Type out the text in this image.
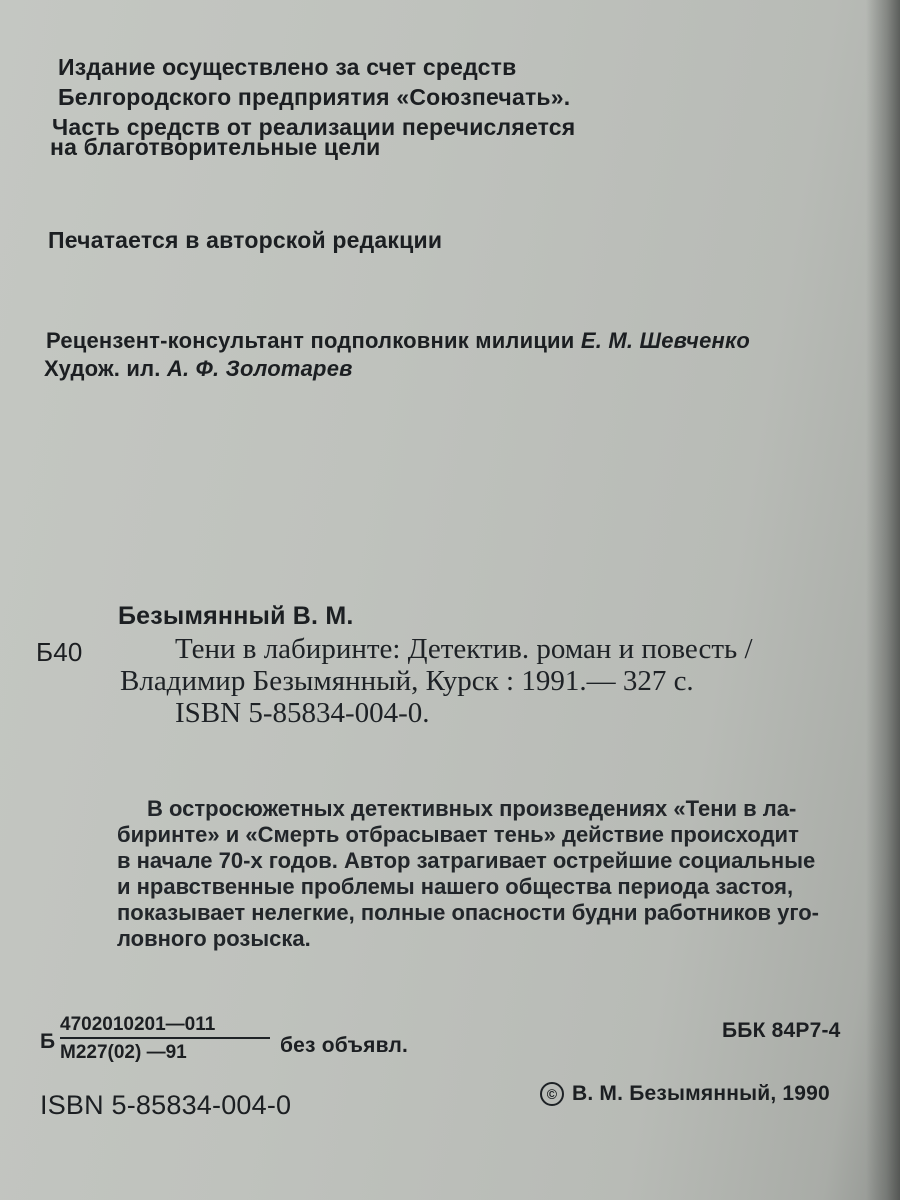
Издание осуществлено за счет средств
Белгородского предприятия «Союзпечать».
Часть средств от реализации перечисляется
на благотворительные цели
Печатается в авторской редакции
Рецензент-консультант подполковник милиции Е. М. Шевченко
Худож. ил. А. Ф. Золотарев
Безымянный В. М.
Б40	Тени в лабиринте: Детектив. роман и повесть /
Владимир Безымянный, Курск : 1991.— 327 с.
ISBN 5-85834-004-0.
В остросюжетных детективных произведениях «Тени в ла-
биринте» и «Смерть отбрасывает тень» действие происходит
в начале 70-х годов. Автор затрагивает острейшие социальные
и нравственные проблемы нашего общества периода застоя,
показывает нелегкие, полные опасности будни работников уго-
ловного розыска.
Б
4702010201—011
М227(02) —91	без объявл.
ББК 84Р7-4
ISBN 5-85834-004-0	© В. М. Безымянный, 1990
